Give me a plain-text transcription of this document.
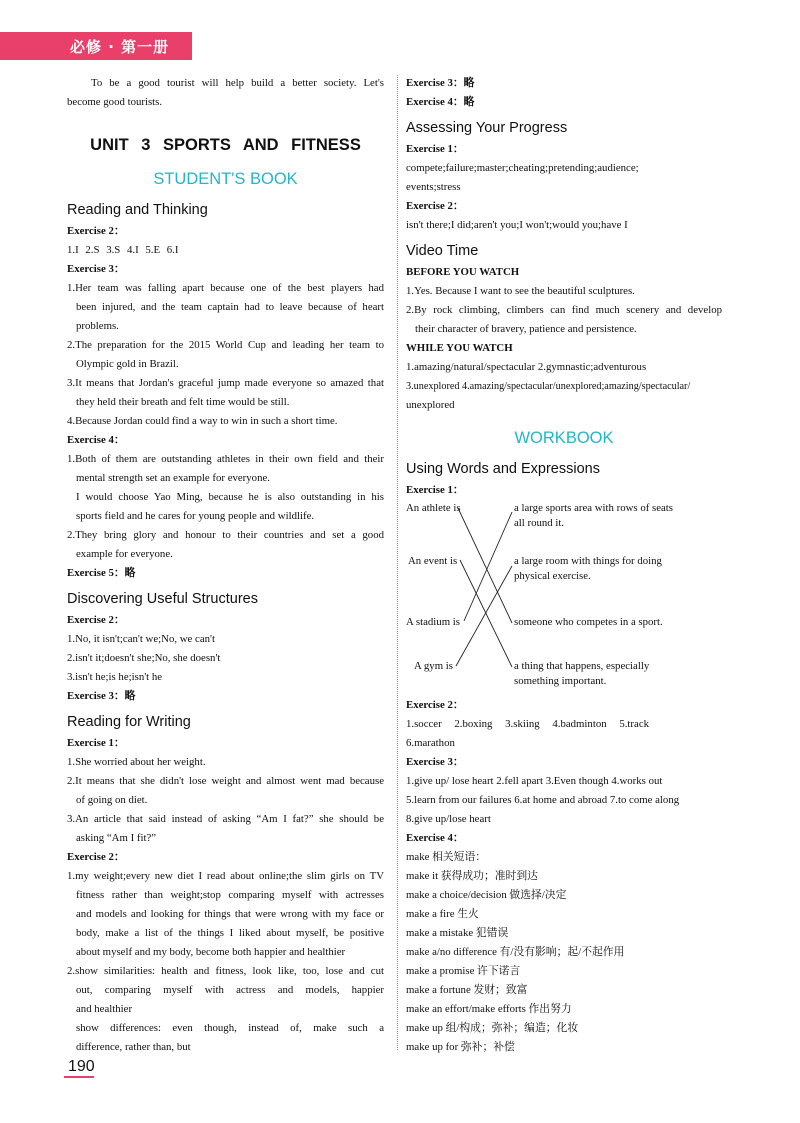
必修 · 第一册
To be a good tourist will help build a better society. Let's
become good tourists.
UNIT 3 SPORTS AND FITNESS
STUDENT'S BOOK
Reading and Thinking
Exercise 2：
1.I 2.S 3.S 4.I 5.E 6.I
Exercise 3：
1.Her team was falling apart because one of the best players had
been injured, and the team captain had to leave because of heart
problems.
2.The preparation for the 2015 World Cup and leading her team to
Olympic gold in Brazil.
3.It means that Jordan's graceful jump made everyone so amazed that
they held their breath and felt time would be still.
4.Because Jordan could find a way to win in such a short time.
Exercise 4：
1.Both of them are outstanding athletes in their own field and their
mental strength set an example for everyone.
I would choose Yao Ming, because he is also outstanding in his
sports field and he cares for young people and wildlife.
2.They bring glory and honour to their countries and set a good
example for everyone.
Exercise 5：略
Discovering Useful Structures
Exercise 2：
1.No, it isn't;can't we;No, we can't
2.isn't it;doesn't she;No, she doesn't
3.isn't he;is he;isn't he
Exercise 3：略
Reading for Writing
Exercise 1：
1.She worried about her weight.
2.It means that she didn't lose weight and almost went mad because
of going on diet.
3.An article that said instead of asking “Am I fat?” she should be
asking “Am I fit?”
Exercise 2：
1.my weight;every new diet I read about online;the slim girls on TV
fitness rather than weight;stop comparing myself with actresses
and models and looking for things that were wrong with my face or
body, make a list of the things I liked about myself, be positive
about myself and my body, become both happier and healthier
2.show similarities: health and fitness, look like, too, lose and cut
out, comparing myself with actress and models, happier
and healthier
show differences: even though, instead of, make such a
difference, rather than, but
Exercise 3：略
Exercise 4：略
Assessing Your Progress
Exercise 1：
compete;failure;master;cheating;pretending;audience;
events;stress
Exercise 2：
isn't there;I did;aren't you;I won't;would you;have I
Video Time
BEFORE YOU WATCH
1.Yes. Because I want to see the beautiful sculptures.
2.By rock climbing, climbers can find much scenery and develop
their character of bravery, patience and persistence.
WHILE YOU WATCH
1.amazing/natural/spectacular 2.gymnastic;adventurous
3.unexplored 4.amazing/spectacular/unexplored;amazing/spectacular/
unexplored
WORKBOOK
Using Words and Expressions
Exercise 1：
An athlete is
An event is
A stadium is
A gym is
a large sports area with rows of seats
all round it.
a large room with things for doing
physical exercise.
someone who competes in a sport.
a thing that happens, especially
something important.
Exercise 2：
1.soccer 2.boxing 3.skiing 4.badminton 5.track
6.marathon
Exercise 3：
1.give up/ lose heart 2.fell apart 3.Even though 4.works out
5.learn from our failures 6.at home and abroad 7.to come along
8.give up/lose heart
Exercise 4：
make 相关短语：
make it 获得成功；准时到达
make a choice/decision 做选择/决定
make a fire 生火
make a mistake 犯错误
make a/no difference 有/没有影响；起/不起作用
make a promise 许下诺言
make a fortune 发财；致富
make an effort/make efforts 作出努力
make up 组/构成；弥补；编造；化妆
make up for 弥补；补偿
190
